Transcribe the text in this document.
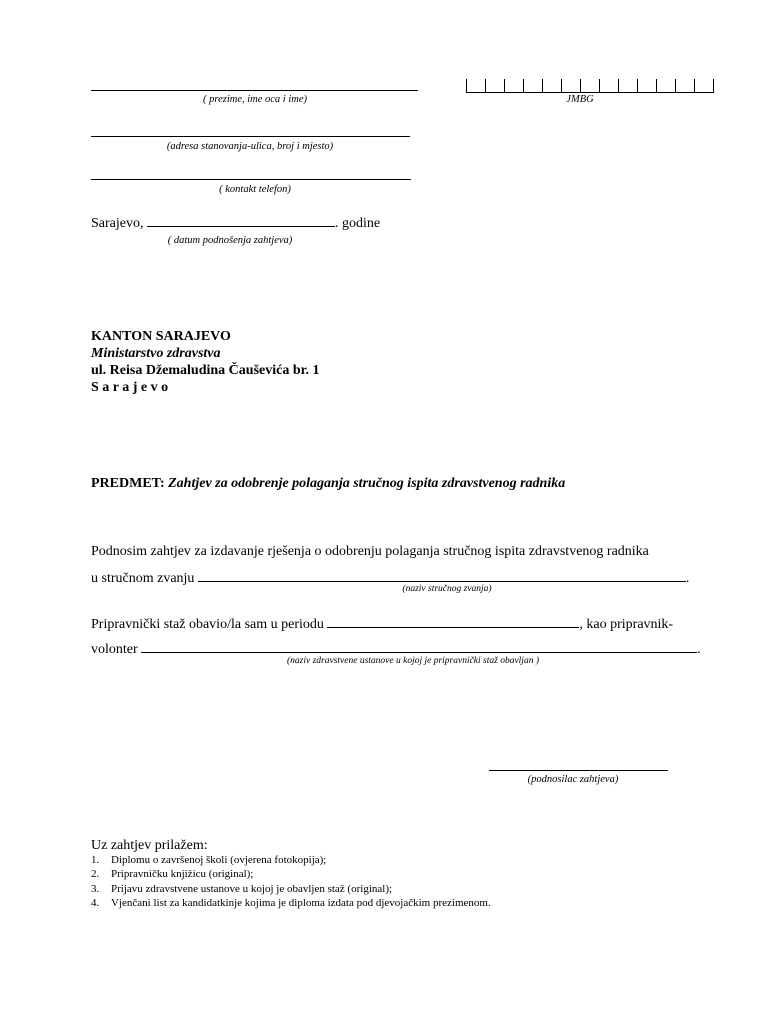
( prezime, ime oca i ime)	JMBG
(adresa stanovanja-ulica, broj i mjesto)
( kontakt telefon)
Sarajevo,	. godine
( datum podnošenja zahtjeva)
KANTON SARAJEVO
Ministarstvo zdravstva
ul. Reisa Džemaludina Čauševića br. 1
S a r a j e v o
PREDMET: Zahtjev za odobrenje polaganja stručnog ispita zdravstvenog radnika
Podnosim zahtjev za izdavanje rješenja o odobrenju polaganja stručnog ispita zdravstvenog radnika
u stručnom zvanju	.
(naziv stručnog zvanja)
Pripravnički staž obavio/la sam u periodu	, kao pripravnik-
volonter	.
(naziv zdravstvene ustanove u kojoj je pripravnički staž obavljan )
(podnosilac zahtjeva)
Uz zahtjev prilažem:
1. Diplomu o završenoj školi (ovjerena fotokopija);
2. Pripravničku knjižicu (original);
3. Prijavu zdravstvene ustanove u kojoj je obavljen staž (original);
4. Vjenčani list za kandidatkinje kojima je diploma izdata pod djevojačkim prezimenom.
